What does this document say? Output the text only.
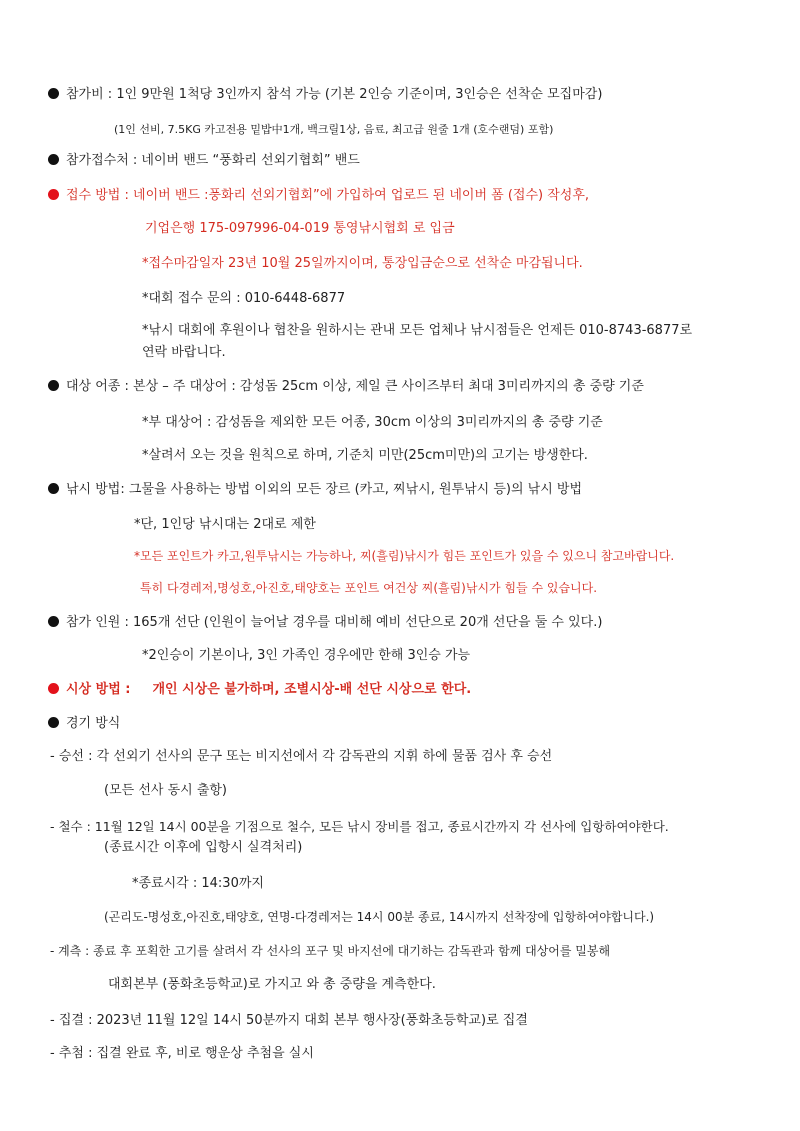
참가비 : 1인 9만원 1척당 3인까지 참석 가능 (기본 2인승 기준이며, 3인승은 선착순 모집마감)
(1인 선비, 7.5KG 카고전용 밑밥中1개, 백크릴1상, 음료, 최고급 원줄 1개 (호수랜덤) 포함)
참가접수처 : 네이버 밴드 “풍화리 선외기협회” 밴드
접수 방법 : 네이버 밴드 :풍화리 선외기협회”에 가입하여 업로드 된 네이버 폼 (접수) 작성후,
기업은행 175-097996-04-019 통영낚시협회 로 입금
*접수마감일자 23년 10월 25일까지이며, 통장입금순으로 선착순 마감됩니다.
*대회 접수 문의 : 010-6448-6877
*낚시 대회에 후원이나 협찬을 원하시는 관내 모든 업체나 낚시점들은 언제든 010-8743-6877로
연락 바랍니다.
대상 어종 : 본상 – 주 대상어 : 감성돔 25cm 이상, 제일 큰 사이즈부터 최대 3미리까지의 총 중량 기준
*부 대상어 : 감성돔을 제외한 모든 어종, 30cm 이상의 3미리까지의 총 중량 기준
*살려서 오는 것을 원칙으로 하며, 기준치 미만(25cm미만)의 고기는 방생한다.
낚시 방법: 그물을 사용하는 방법 이외의 모든 장르 (카고, 찌낚시, 원투낚시 등)의 낚시 방법
*단, 1인당 낚시대는 2대로 제한
*모든 포인트가 카고,원투낚시는 가능하나, 찌(흘림)낚시가 힘든 포인트가 있을 수 있으니 참고바랍니다.
특히 다경레저,명성호,아진호,태양호는 포인트 여건상 찌(흘림)낚시가 힘들 수 있습니다.
참가 인원 : 165개 선단 (인원이 늘어날 경우를 대비해 예비 선단으로 20개 선단을 둘 수 있다.)
*2인승이 기본이나, 3인 가족인 경우에만 한해 3인승 가능
시상 방법 : 개인 시상은 불가하며, 조별시상-배 선단 시상으로 한다.
경기 방식
- 승선 : 각 선외기 선사의 문구 또는 비지선에서 각 감독관의 지휘 하에 물품 검사 후 승선
(모든 선사 동시 출항)
- 철수 : 11월 12일 14시 00분을 기점으로 철수, 모든 낚시 장비를 접고, 종료시간까지 각 선사에 입항하여야한다.
(종료시간 이후에 입항시 실격처리)
*종료시각 : 14:30까지
(곤리도-명성호,아진호,태양호, 연명-다경레저는 14시 00분 종료, 14시까지 선착장에 입항하여야합니다.)
- 계측 : 종료 후 포획한 고기를 살려서 각 선사의 포구 및 바지선에 대기하는 감독관과 함께 대상어를 밀봉해
대회본부 (풍화초등학교)로 가지고 와 총 중량을 계측한다.
- 집결 : 2023년 11월 12일 14시 50분까지 대회 본부 행사장(풍화초등학교)로 집결
- 추첨 : 집결 완료 후, 비로 행운상 추첨을 실시
